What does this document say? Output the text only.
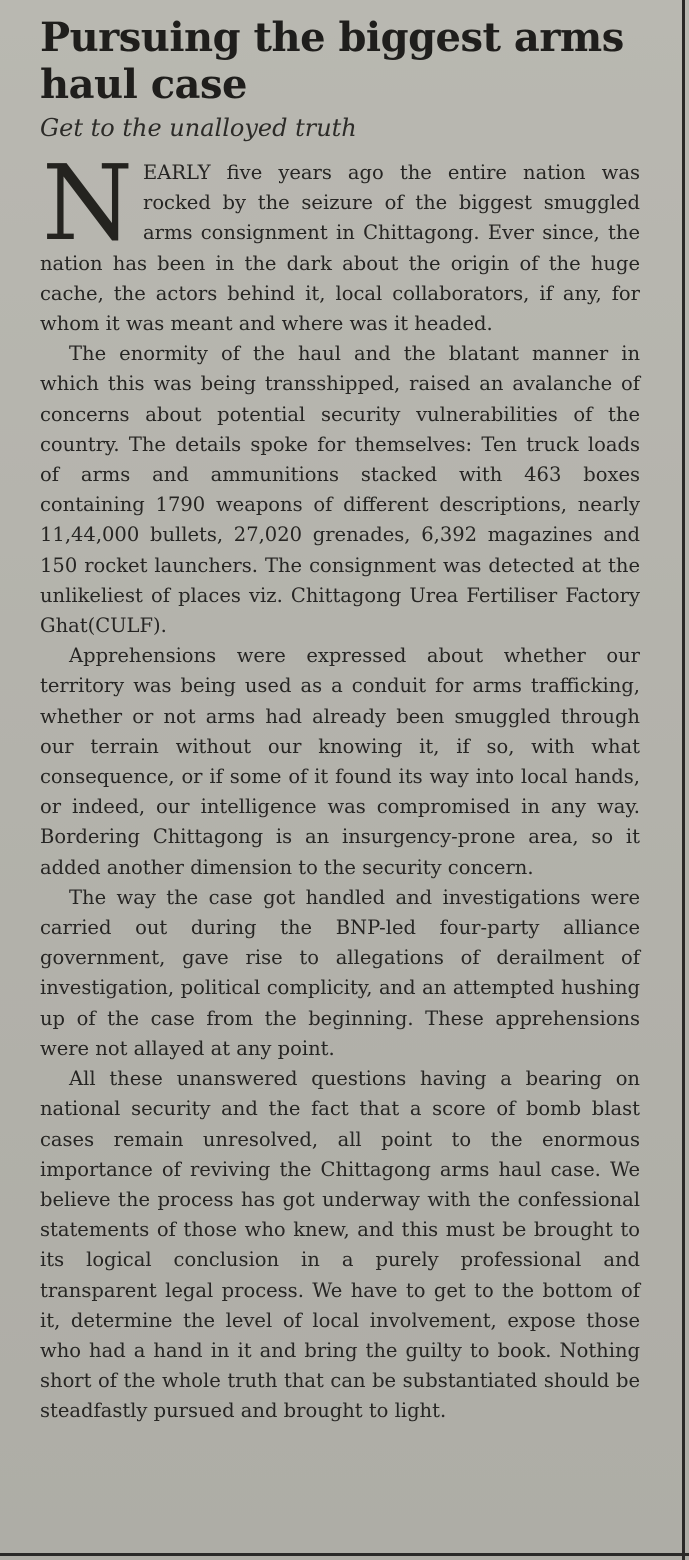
Pursuing the biggest arms haul case
Get to the unalloyed truth

NEARLY five years ago the entire nation was rocked by the seizure of the biggest smuggled arms consignment in Chittagong. Ever since, the nation has been in the dark about the origin of the huge cache, the actors behind it, local collaborators, if any, for whom it was meant and where was it headed.

The enormity of the haul and the blatant manner in which this was being transshipped, raised an avalanche of concerns about potential security vulnerabilities of the country. The details spoke for themselves: Ten truck loads of arms and ammunitions stacked with 463 boxes containing 1790 weapons of different descriptions, nearly 11,44,000 bullets, 27,020 grenades, 6,392 magazines and 150 rocket launchers. The consignment was detected at the unlikeliest of places viz. Chittagong Urea Fertiliser Factory Ghat(CULF).

Apprehensions were expressed about whether our territory was being used as a conduit for arms trafficking, whether or not arms had already been smuggled through our terrain without our knowing it, if so, with what consequence, or if some of it found its way into local hands, or indeed, our intelligence was compromised in any way. Bordering Chittagong is an insurgency-prone area, so it added another dimension to the security concern.

The way the case got handled and investigations were carried out during the BNP-led four-party alliance government, gave rise to allegations of derailment of investigation, political complicity, and an attempted hushing up of the case from the beginning. These apprehensions were not allayed at any point.

All these unanswered questions having a bearing on national security and the fact that a score of bomb blast cases remain unresolved, all point to the enormous importance of reviving the Chittagong arms haul case. We believe the process has got underway with the confessional statements of those who knew, and this must be brought to its logical conclusion in a purely professional and transparent legal process. We have to get to the bottom of it, determine the level of local involvement, expose those who had a hand in it and bring the guilty to book. Nothing short of the whole truth that can be substantiated should be steadfastly pursued and brought to light.
